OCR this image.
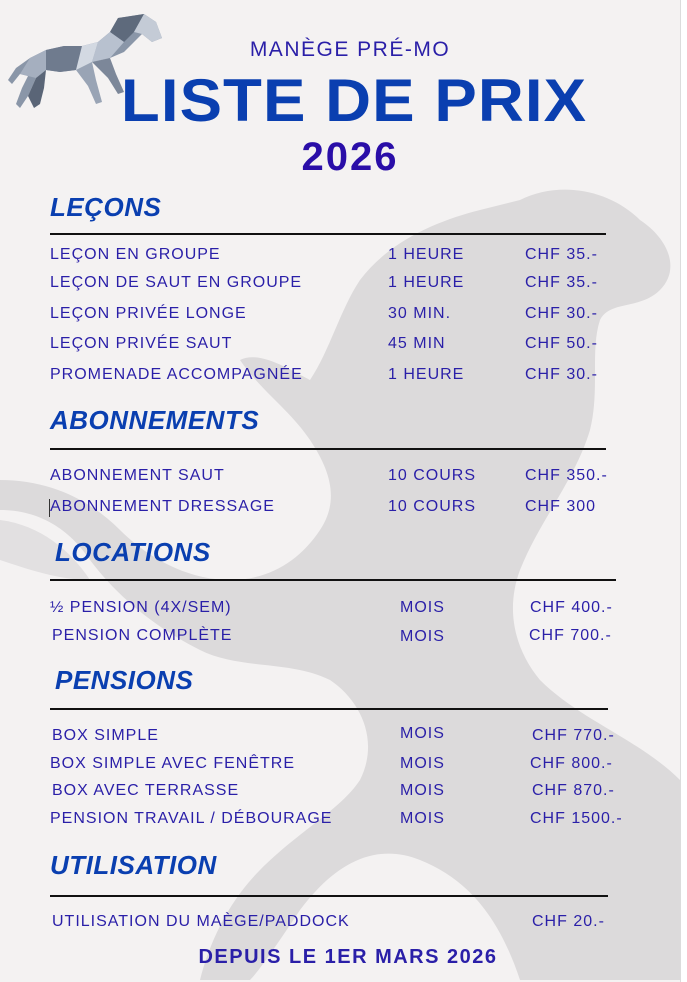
MANÈGE PRÉ-MO
LISTE DE PRIX
2026
LEÇONS
LEÇON EN GROUPE	1 HEURE	CHF 35.-
LEÇON DE SAUT EN GROUPE	1 HEURE	CHF 35.-
LEÇON PRIVÉE LONGE	30 MIN.	CHF 30.-
LEÇON PRIVÉE SAUT	45 MIN	CHF 50.-
PROMENADE ACCOMPAGNÉE	1 HEURE	CHF 30.-
ABONNEMENTS
ABONNEMENT SAUT	10 COURS	CHF 350.-
ABONNEMENT DRESSAGE	10 COURS	CHF 300
LOCATIONS
½ PENSION (4X/SEM)	MOIS	CHF 400.-
PENSION COMPLÈTE	MOIS	CHF 700.-
PENSIONS
BOX SIMPLE	MOIS	CHF 770.-
BOX SIMPLE AVEC FENÊTRE	MOIS	CHF 800.-
BOX AVEC TERRASSE	MOIS	CHF 870.-
PENSION TRAVAIL / DÉBOURAGE	MOIS	CHF 1500.-
UTILISATION
UTILISATION DU MAÈGE/PADDOCK	CHF 20.-
DEPUIS LE 1ER MARS 2026
